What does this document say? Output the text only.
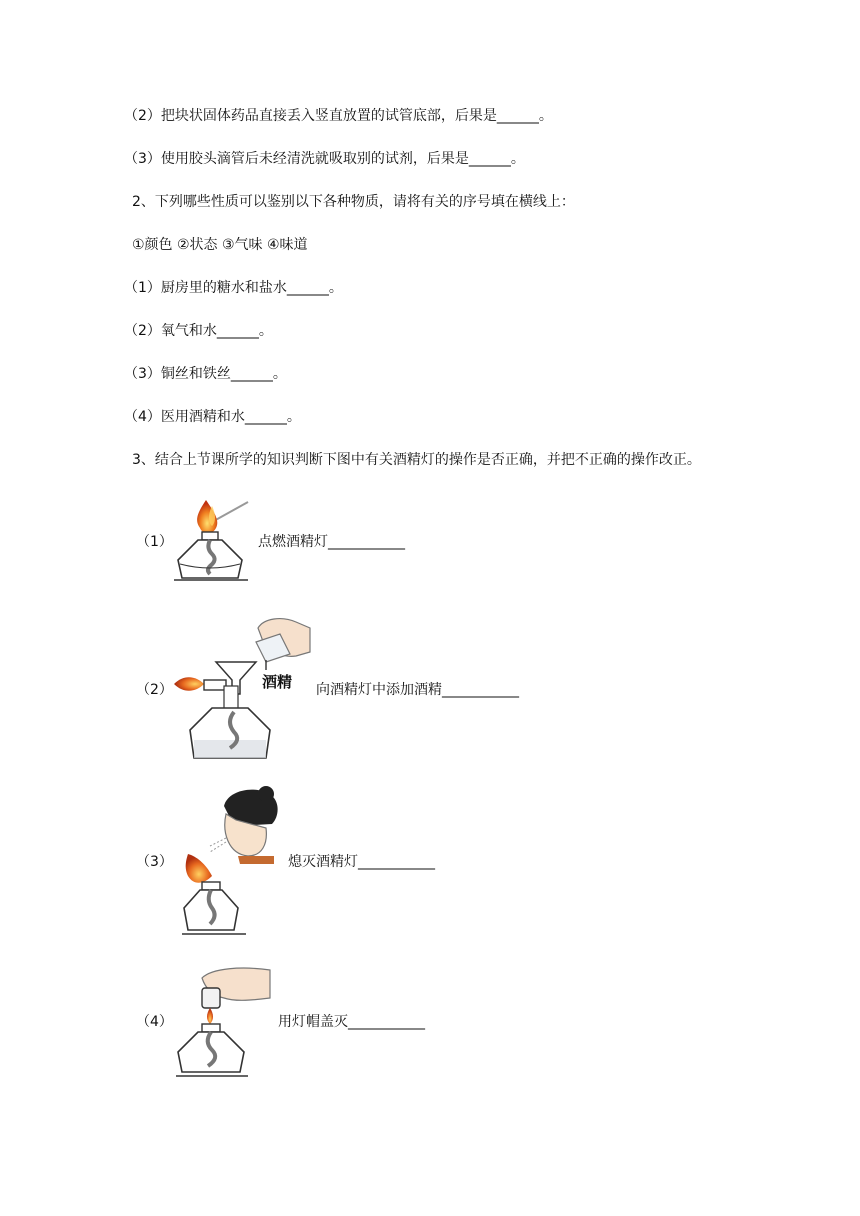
（2）把块状固体药品直接丢入竖直放置的试管底部，后果是______。
（3）使用胶头滴管后未经清洗就吸取别的试剂，后果是______。
2、下列哪些性质可以鉴别以下各种物质，请将有关的序号填在横线上：
①颜色 ②状态 ③气味 ④味道
（1）厨房里的糖水和盐水______。
（2）氧气和水______。
（3）铜丝和铁丝______。
（4）医用酒精和水______。
3、结合上节课所学的知识判断下图中有关酒精灯的操作是否正确，并把不正确的操作改正。
（1）	点燃酒精灯___________
（2）	酒精 向酒精灯中添加酒精___________
（3）	熄灭酒精灯___________
（4）	用灯帽盖灭___________
